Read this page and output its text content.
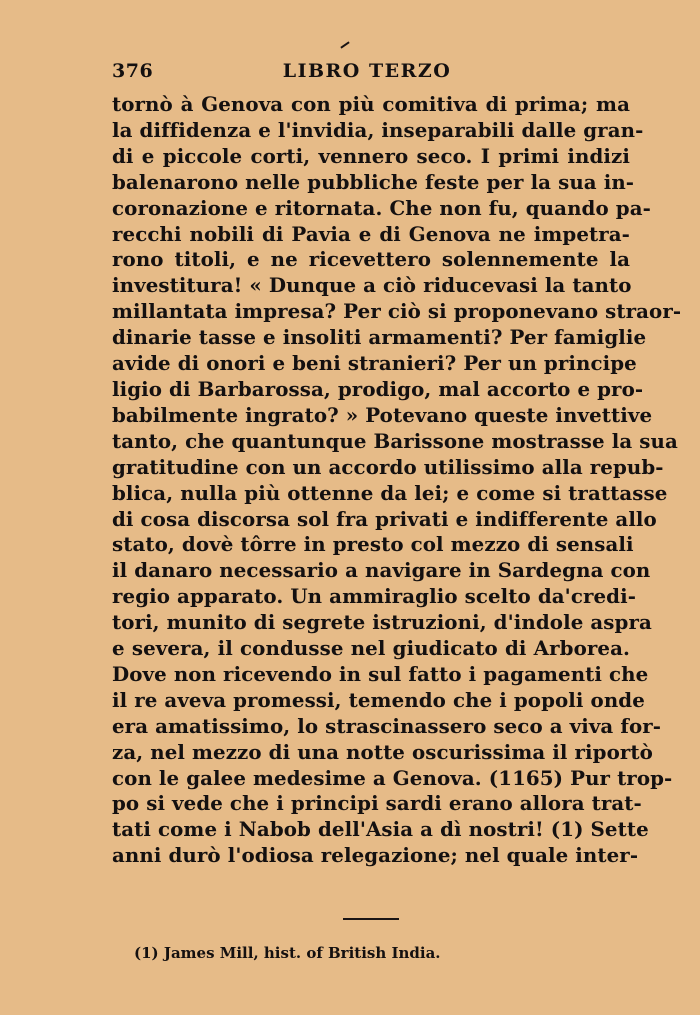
376	LIBRO TERZO
tornò à Genova con più comitiva di prima; ma
la diffidenza e l'invidia, inseparabili dalle gran-
di e piccole corti, vennero seco. I primi indizi
balenarono nelle pubbliche feste per la sua in-
coronazione e ritornata. Che non fu, quando pa-
recchi nobili di Pavia e di Genova ne impetra-
rono titoli, e ne ricevettero solennemente la
investitura! « Dunque a ciò riducevasi la tanto
millantata impresa? Per ciò si proponevano straor-
dinarie tasse e insoliti armamenti? Per famiglie
avide di onori e beni stranieri? Per un principe
ligio di Barbarossa, prodigo, mal accorto e pro-
babilmente ingrato? » Potevano queste invettive
tanto, che quantunque Barissone mostrasse la sua
gratitudine con un accordo utilissimo alla repub-
blica, nulla più ottenne da lei; e come si trattasse
di cosa discorsa sol fra privati e indifferente allo
stato, dovè tôrre in presto col mezzo di sensali
il danaro necessario a navigare in Sardegna con
regio apparato. Un ammiraglio scelto da'credi-
tori, munito di segrete istruzioni, d'indole aspra
e severa, il condusse nel giudicato di Arborea.
Dove non ricevendo in sul fatto i pagamenti che
il re aveva promessi, temendo che i popoli onde
era amatissimo, lo strascinassero seco a viva for-
za, nel mezzo di una notte oscurissima il riportò
con le galee medesime a Genova. (1165) Pur trop-
po si vede che i principi sardi erano allora trat-
tati come i Nabob dell'Asia a dì nostri! (1) Sette
anni durò l'odiosa relegazione; nel quale inter-
(1) James Mill, hist. of British India.
